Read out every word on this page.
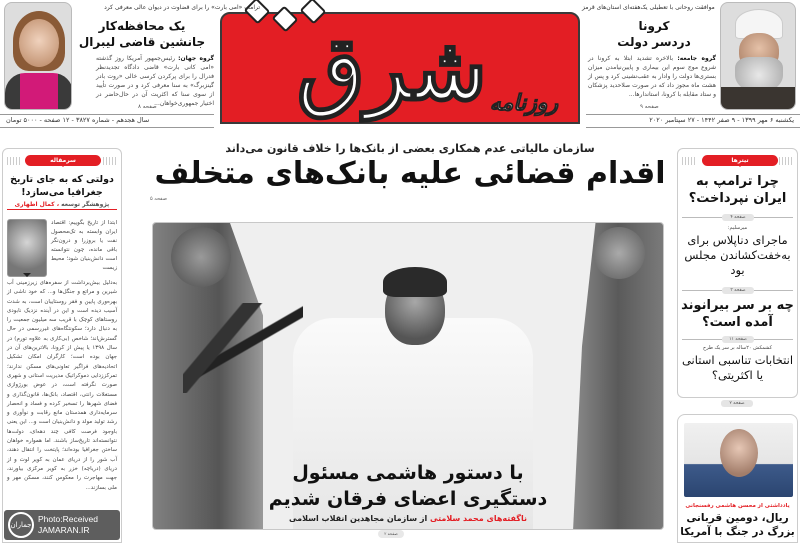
شرق روزنامه
ترامپ «امی بارت» را برای قضاوت در دیوان عالی معرفی کرد
یک محافظه‌کار
جانشین قاضی لیبرال
گروه جهان: رئیس‌جمهور آمریکا روز گذشته «امی کانی بارت» قاضی دادگاه تجدیدنظر فدرال را برای پرکردن کرسی خالی «روت بادر گینزبرگ» به سنا معرفی کرد و در صورت تأیید از سوی سنا که اکثریت آن در حال‌حاضر در اختیار جمهوری‌خواهان...
صفحه ۸
سال هجدهم - شماره ۳۸۲۷ - ۱۲ صفحه - ۵۰۰۰ تومان
موافقت روحانی با تعطیلی یک‌هفته‌ای استان‌های قرمز
کرونا
دردسر دولت
گروه جامعه: بالاخره تشدید ابتلا به کرونا در شروع موج سوم این بیماری و پایین‌نیامدن میزان بستری‌ها دولت را وادار به عقب‌نشینی کرد و پس از هشت ماه مجوز داد که در صورت صلاحدید پزشکان و ستاد مقابله با کرونا، استاندارها...
صفحه ۹
یکشنبه ۶ مهر ۱۳۹۹ - ۹ صفر ۱۴۴۲ - ۲۷ سپتامبر ۲۰۲۰
سازمان مالیاتی عدم همکاری بعضی از بانک‌ها را خلاف قانون می‌داند
اقدام قضائی علیه بانک‌های متخلف
صفحه ۵
با دستور هاشمی مسئول
دستگیری اعضای فرقان شدیم
ناگفته‌های محمد سلامتی از سازمان مجاهدین انقلاب اسلامی
صفحه ۲
سرمقاله
دولتی که به جای تاریخ جغرافیا می‌سازد!
پژوهشگر توسعه ، کمال اطهاری
ابتدا از تاریخ بگوییم: اقتصاد ایران وابسته به تک‌محصول نفت یا بروزرا و درون‌نگر باقی مانده، چون نتوانسته است دانش‌بنیان شود؛ محیط زیست
به‌دلیل بیش‌برداشت از سفره‌های زیرزمینی آب شیرین و مراتع و جنگل‌ها و... که خود ناشی از بهره‌وری پایین و فقر روستاییان است، به شدت آسیب دیده است و این در آینده نزدیک نابودی روستاهای کوچک با قریب سه میلیون جمعیت را به دنبال دارد؛ سکونتگاه‌های غیررسمی در حال گسترش‌اند؛ شاخص (بی‌کاری به علاوه تورم) در سال ۱۳۹۸ یا پیش از کرونا، بالاترین‌های آن در جهان بوده است؛ کارگران امکان تشکیل اتحادیه‌های فراگیر تعاونی‌های مسکن ندارند؛ تمرکززدایی دموکراتیک مدیریت استانی و شهری صورت نگرفته است، در عوض بورژوازی مستغلات رانتی، اقتصاد، بانک‌ها، قانون‌گذاری و فضای شهرها را تسخیر کرده و فساد و انحصار سرمایه‌داری همدستان مانع رقابت و نوآوری و رشد تولید مولد و دانش‌بنیان است و... این یعنی با‌وجود فرصت کافی چند دهه‌ای، دولت‌ها نتوانسته‌اند تاریخ‌ساز باشند. اما همواره خواهان ساختن جغرافیا بوده‌اند؛ پایتخت را انتقال دهند، آب شور را از دریای عمان به کویر لوت و از دریای (دریاچه) خزر به کویر مرکزی بیاورند، جهت مهاجرت را معکوس کنند، مسکن مهر و ملی بسازند...
جماران
Photo:Received
JAMARAN.IR
تیترها
چرا ترامپ به ایران نپرداخت؟
صفحه ۴
میرسلیم:
ماجرای دناپلاس برای به‌خفت‌کشاندن مجلس بود
صفحه ۳
چه بر سر بیرانوند آمده است؟
صفحه ۱۱
کشمکش ۲۰ساله بر سر یک طرح
انتخابات تناسبی استانی یا اکثریتی؟
صفحه ۲
یادداشتی از محسن هاشمی رفسنجانی
ریال، دومین قربانی بزرگ در جنگ با آمریکا
